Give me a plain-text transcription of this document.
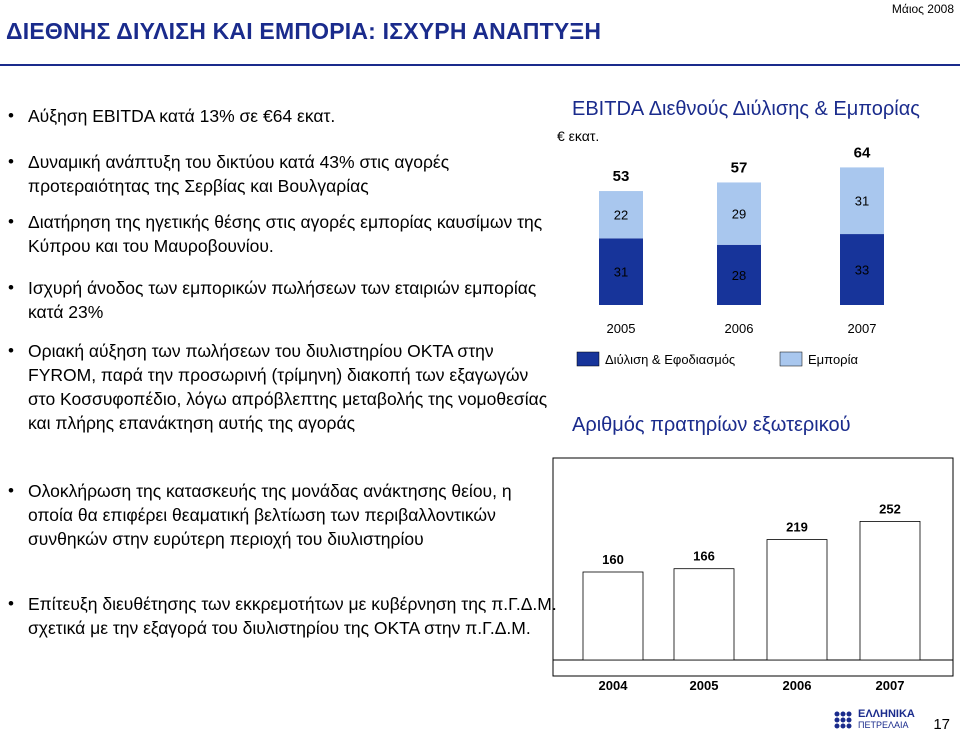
Μάιος 2008
ΔΙΕΘΝΗΣ ΔΙΥΛΙΣΗ ΚΑΙ ΕΜΠΟΡΙΑ: ΙΣΧΥΡΗ ΑΝΑΠΤΥΞΗ
• Αύξηση EBITDA κατά 13% σε €64 εκατ.
• Δυναμική ανάπτυξη του δικτύου κατά 43% στις αγορές προτεραιότητας της Σερβίας και Βουλγαρίας
• Διατήρηση της ηγετικής θέσης στις αγορές εμπορίας καυσίμων της Κύπρου και του Μαυροβουνίου.
• Ισχυρή άνοδος των εμπορικών πωλήσεων των εταιριών εμπορίας κατά 23%
• Οριακή αύξηση των πωλήσεων του διυλιστηρίου OKTA στην FYROM, παρά την προσωρινή (τρίμηνη) διακοπή των εξαγωγών στο Κοσσυφοπέδιο, λόγω απρόβλεπτης μεταβολής της νομοθεσίας και πλήρης επανάκτηση αυτής της αγοράς
• Ολοκλήρωση της κατασκευής της μονάδας ανάκτησης θείου, η οποία θα επιφέρει θεαματική βελτίωση των περιβαλλοντικών συνθηκών στην ευρύτερη περιοχή του διυλιστηρίου
• Επίτευξη διευθέτησης των εκκρεμοτήτων με κυβέρνηση της π.Γ.Δ.Μ. σχετικά με την εξαγορά του διυλιστηρίου της ΟΚΤΑ στην π.Γ.Δ.Μ.
EBITDA Διεθνούς Διύλισης & Εμπορίας
€ εκατ.
Αριθμός πρατηρίων εξωτερικού
31
22
53
2005
28
29
57
2006
33
31
64
2007
Διύλιση & Εφοδιασμός	Εμπορία
160
2004
166
2005
219
2006
252
2007
ΕΛΛΗΝΙΚΑ
ΠΕΤΡΕΛΑΙΑ	17
